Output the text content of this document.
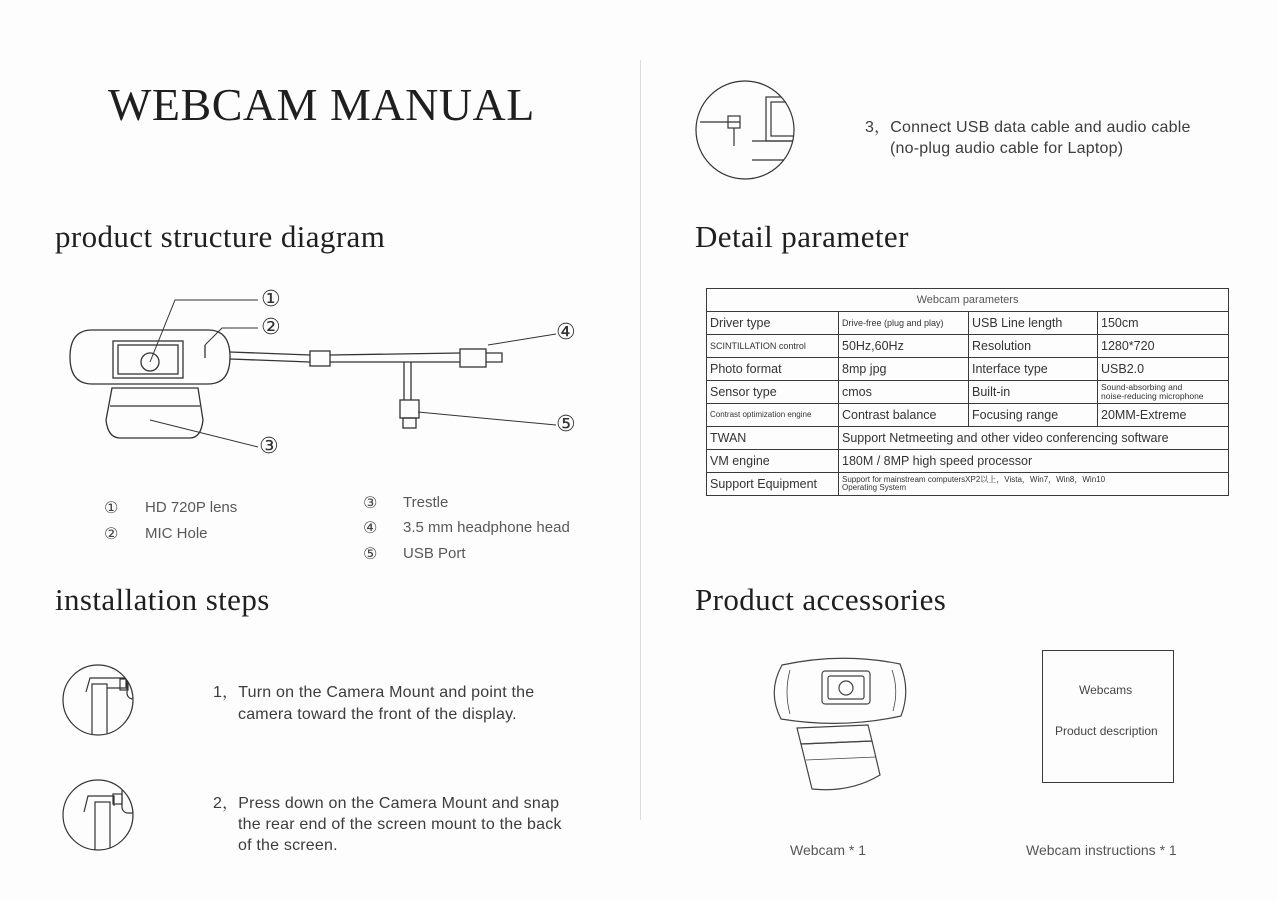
WEBCAM MANUAL
product structure diagram
①
②
③
④
⑤
① HD 720P lens
② MIC Hole
③ Trestle
④ 3.5 mm headphone head
⑤ USB Port
installation steps
1，Turn on the Camera Mount and point the
camera toward the front of the display.
2，Press down on the Camera Mount and snap
the rear end of the screen mount to the back
of the screen.
3，Connect USB data cable and audio cable
(no-plug audio cable for Laptop)
Detail parameter
Webcam parameters			
Driver type	Drive-free (plug and play)	USB Line length	150cm
SCINTILLATION control	50Hz,60Hz	Resolution	1280*720
Photo format	8mp jpg	Interface type	USB2.0
Sensor type	cmos	Built-in	Sound-absorbing and
noise-reducing microphone
Contrast optimization engine	Contrast balance	Focusing range	20MM-Extreme
TWAN	Support Netmeeting and other video conferencing software		
VM engine	180M / 8MP high speed processor		
Support Equipment	Support for mainstream computersXP2以上，Vista，Win7，Win8，Win10
Operating System		
Product accessories
Webcams
Product description
Webcam * 1	Webcam instructions * 1
